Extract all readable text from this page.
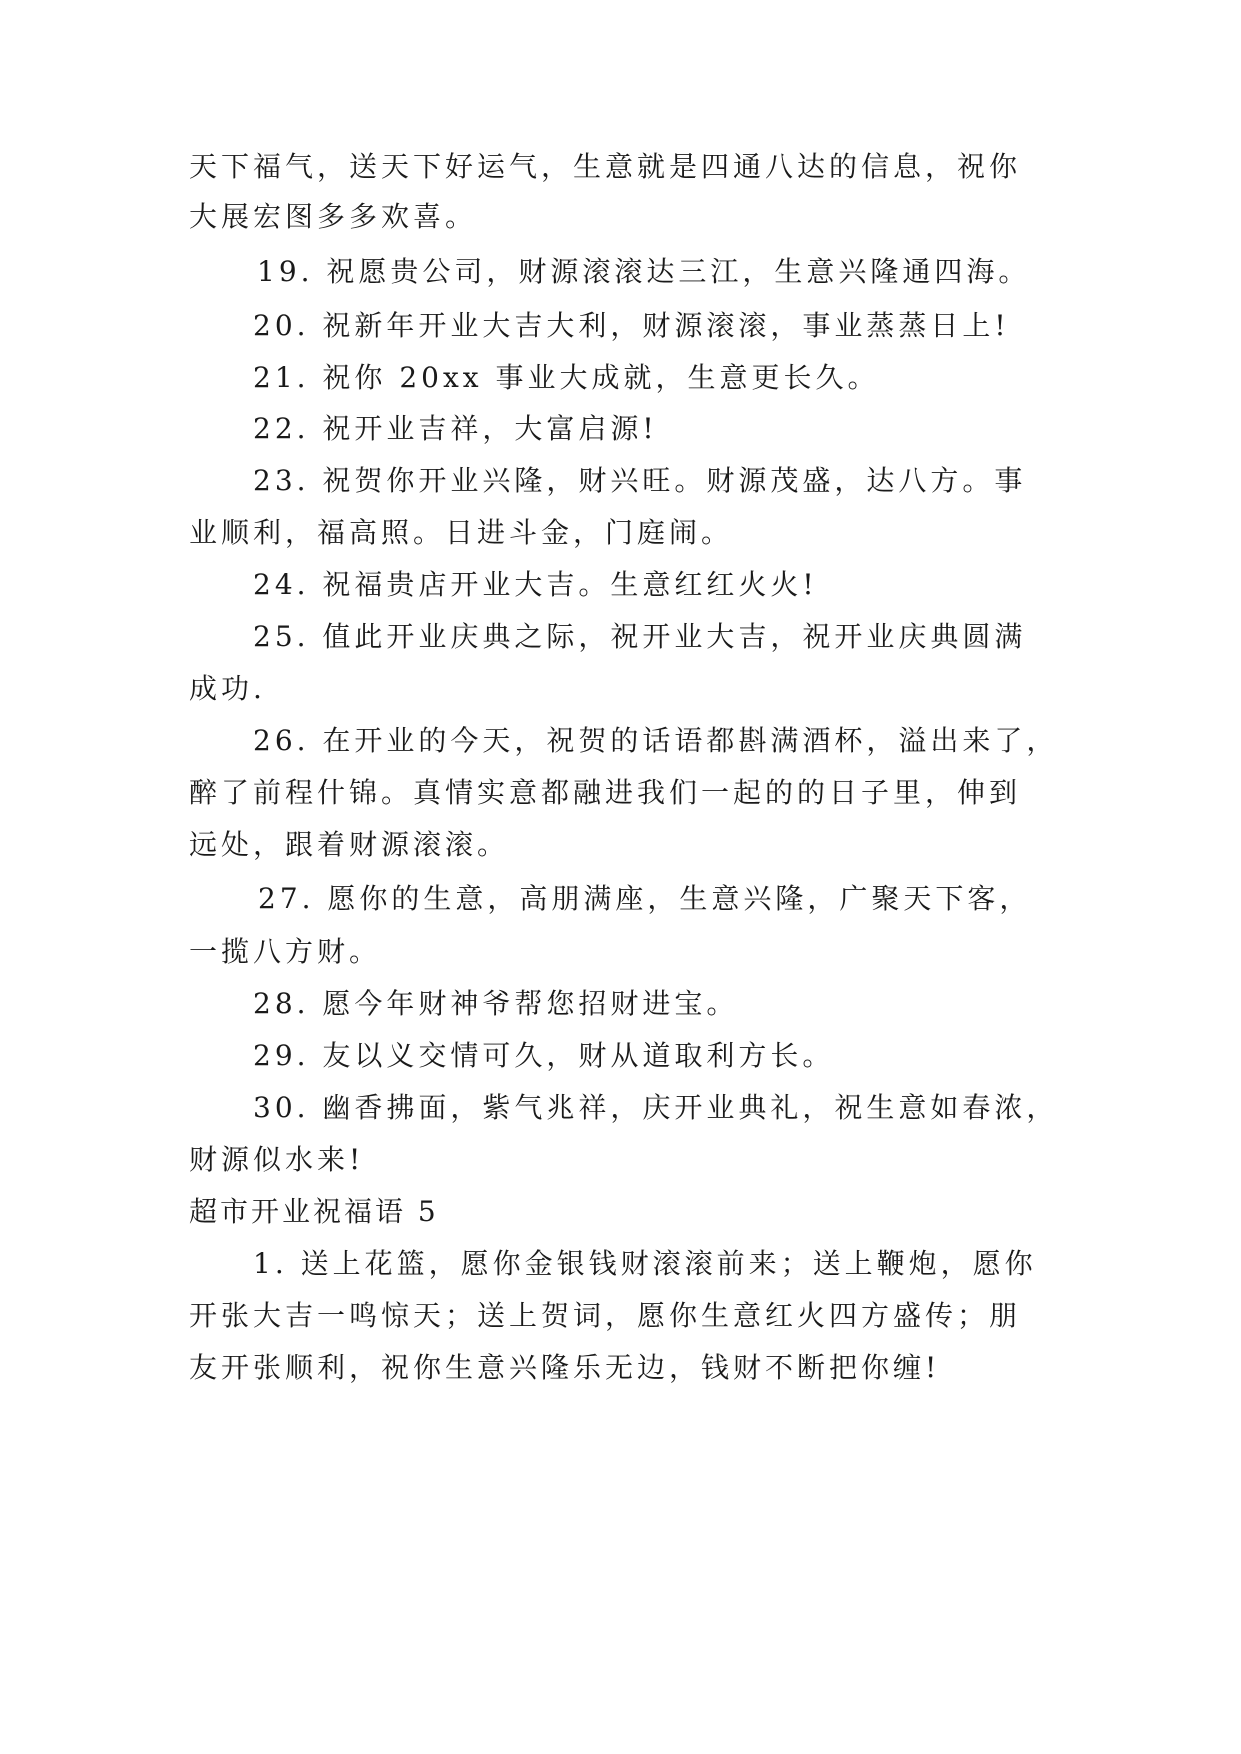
天下福气，送天下好运气，生意就是四通八达的信息，祝你
大展宏图多多欢喜。
19. 祝愿贵公司，财源滚滚达三江，生意兴隆通四海。
20. 祝新年开业大吉大利，财源滚滚，事业蒸蒸日上!
21. 祝你 20xx 事业大成就，生意更长久。
22. 祝开业吉祥，大富启源!
23. 祝贺你开业兴隆，财兴旺。财源茂盛，达八方。事
业顺利，福高照。日进斗金，门庭闹。
24. 祝福贵店开业大吉。生意红红火火!
25. 值此开业庆典之际，祝开业大吉，祝开业庆典圆满
成功.
26. 在开业的今天，祝贺的话语都斟满酒杯，溢出来了，
醉了前程什锦。真情实意都融进我们一起的的日子里，伸到
远处，跟着财源滚滚。
27. 愿你的生意，高朋满座，生意兴隆，广聚天下客，
一揽八方财。
28. 愿今年财神爷帮您招财进宝。
29. 友以义交情可久，财从道取利方长。
30. 幽香拂面，紫气兆祥，庆开业典礼，祝生意如春浓，
财源似水来!
超市开业祝福语 5
1. 送上花篮，愿你金银钱财滚滚前来；送上鞭炮，愿你
开张大吉一鸣惊天；送上贺词，愿你生意红火四方盛传；朋
友开张顺利，祝你生意兴隆乐无边，钱财不断把你缠!
